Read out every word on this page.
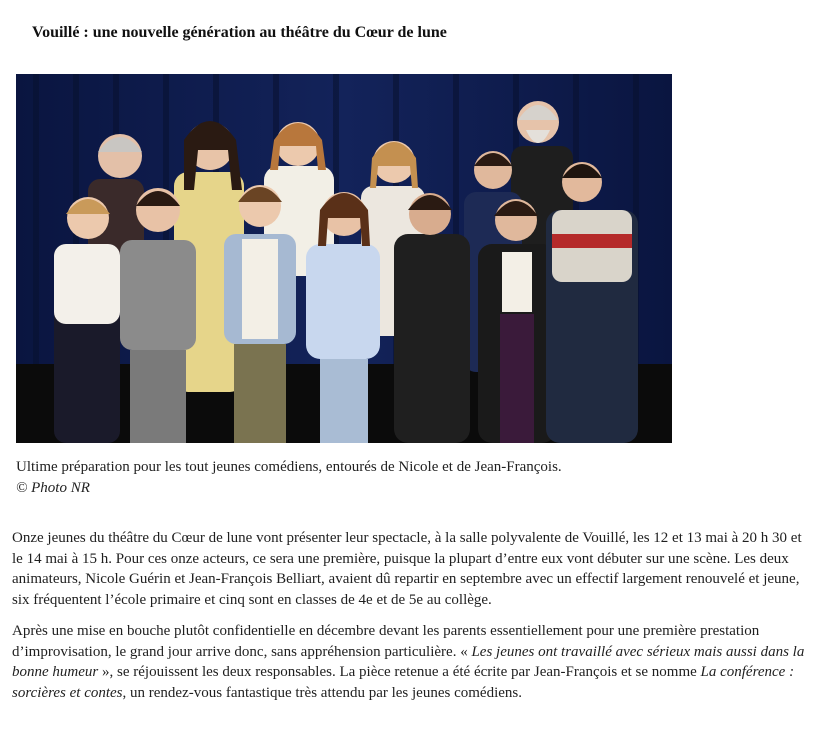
Vouillé : une nouvelle génération au théâtre du Cœur de lune
Ultime préparation pour les tout jeunes comédiens, entourés de Nicole et de Jean-François.
© Photo NR

Onze jeunes du théâtre du Cœur de lune vont présenter leur spectacle, à la salle polyvalente de Vouillé, les 12 et 13 mai à 20 h 30 et le 14 mai à 15 h. Pour ces onze acteurs, ce sera une première, puisque la plupart d’entre eux vont débuter sur une scène. Les deux animateurs, Nicole Guérin et Jean-François Belliart, avaient dû repartir en septembre avec un effectif largement renouvelé et jeune, six fréquentent l’école primaire et cinq sont en classes de 4e et de 5e au collège.

Après une mise en bouche plutôt confidentielle en décembre devant les parents essentiellement pour une première prestation d’improvisation, le grand jour arrive donc, sans appréhension particulière. « Les jeunes ont travaillé avec sérieux mais aussi dans la bonne humeur », se réjouissent les deux responsables. La pièce retenue a été écrite par Jean-François et se nomme La conférence : sorcières et contes, un rendez-vous fantastique très attendu par les jeunes comédiens.
